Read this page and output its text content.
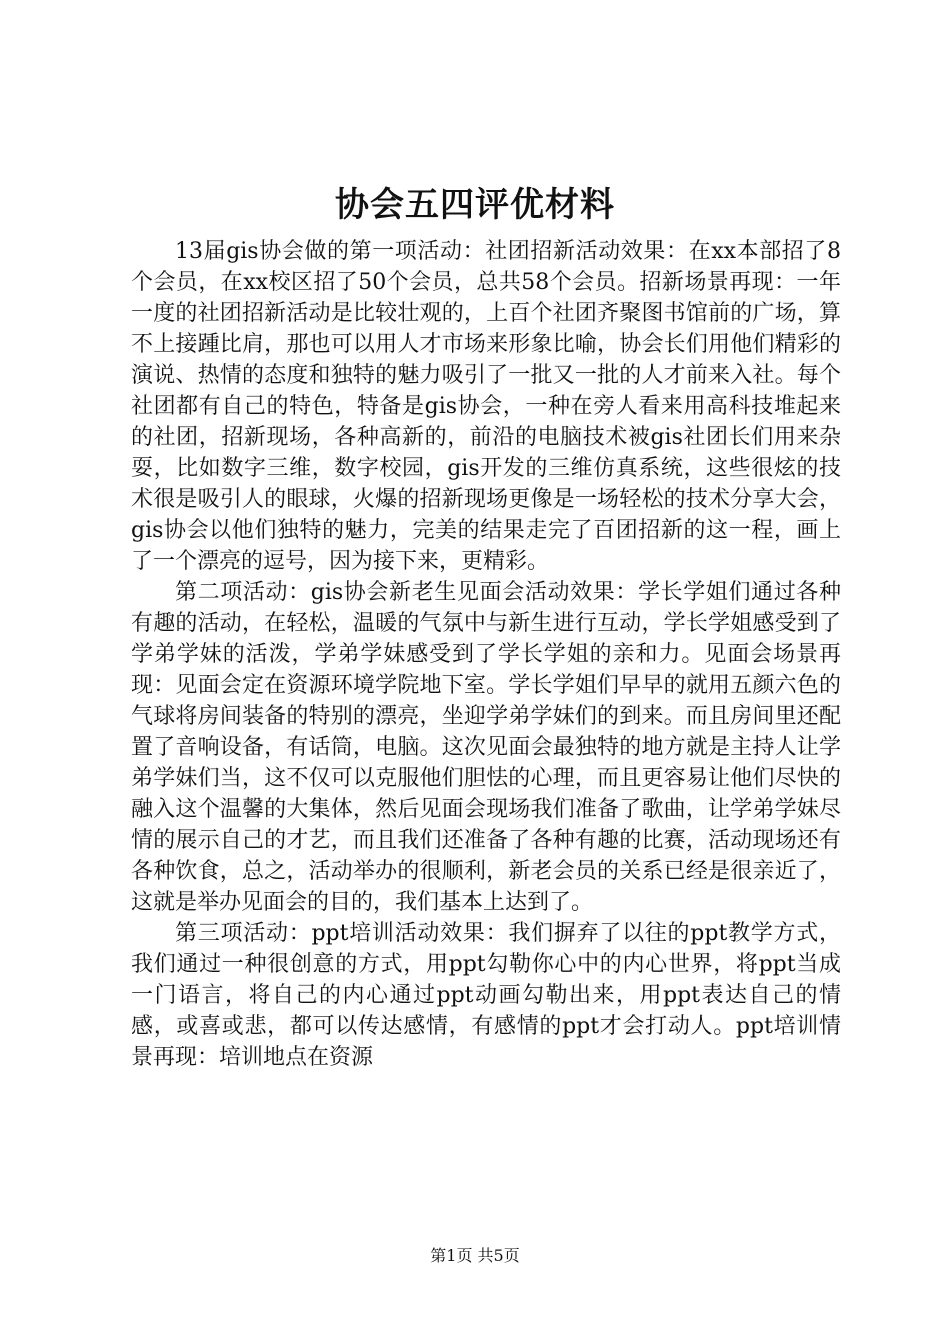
协会五四评优材料

13届gis协会做的第一项活动：社团招新活动效果：在xx本部招了8个会员，在xx校区招了50个会员，总共58个会员。招新场景再现：一年一度的社团招新活动是比较壮观的，上百个社团齐聚图书馆前的广场，算不上接踵比肩，那也可以用人才市场来形象比喻，协会长们用他们精彩的演说、热情的态度和独特的魅力吸引了一批又一批的人才前来入社。每个社团都有自己的特色，特备是gis协会，一种在旁人看来用高科技堆起来的社团，招新现场，各种高新的，前沿的电脑技术被gis社团长们用来杂耍，比如数字三维，数字校园，gis开发的三维仿真系统，这些很炫的技术很是吸引人的眼球，火爆的招新现场更像是一场轻松的技术分享大会，gis协会以他们独特的魅力，完美的结果走完了百团招新的这一程，画上了一个漂亮的逗号，因为接下来，更精彩。

第二项活动：gis协会新老生见面会活动效果：学长学姐们通过各种有趣的活动，在轻松，温暖的气氛中与新生进行互动，学长学姐感受到了学弟学妹的活泼，学弟学妹感受到了学长学姐的亲和力。见面会场景再现：见面会定在资源环境学院地下室。学长学姐们早早的就用五颜六色的气球将房间装备的特别的漂亮，坐迎学弟学妹们的到来。而且房间里还配置了音响设备，有话筒，电脑。这次见面会最独特的地方就是主持人让学弟学妹们当，这不仅可以克服他们胆怯的心理，而且更容易让他们尽快的融入这个温馨的大集体，然后见面会现场我们准备了歌曲，让学弟学妹尽情的展示自己的才艺，而且我们还准备了各种有趣的比赛，活动现场还有各种饮食，总之，活动举办的很顺利，新老会员的关系已经是很亲近了，这就是举办见面会的目的，我们基本上达到了。

第三项活动：ppt培训活动效果：我们摒弃了以往的ppt教学方式，我们通过一种很创意的方式，用ppt勾勒你心中的内心世界，将ppt当成一门语言，将自己的内心通过ppt动画勾勒出来，用ppt表达自己的情感，或喜或悲，都可以传达感情，有感情的ppt才会打动人。ppt培训情景再现：培训地点在资源

第1页 共5页
